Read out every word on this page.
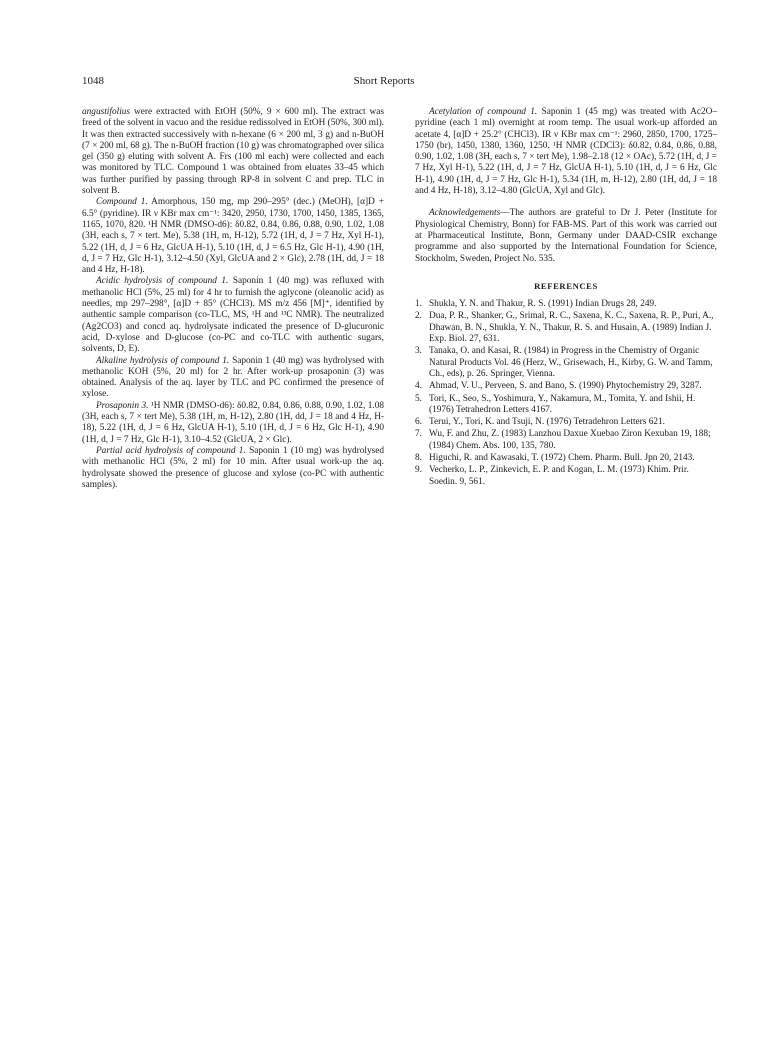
1048	Short Reports

angustifolius were extracted with EtOH (50%, 9 × 600 ml). The extract was freed of the solvent in vacuo and the residue redissolved in EtOH (50%, 300 ml). It was then extracted successively with n-hexane (6 × 200 ml, 3 g) and n-BuOH (7 × 200 ml, 68 g). The n-BuOH fraction (10 g) was chromatographed over silica gel (350 g) eluting with solvent A. Frs (100 ml each) were collected and each was monitored by TLC. Compound 1 was obtained from eluates 33–45 which was further purified by passing through RP-8 in solvent C and prep. TLC in solvent B.

Compound 1. Amorphous, 150 mg, mp 290–295° (dec.) (MeOH), [α]D + 6.5° (pyridine). IR ν KBr max cm⁻¹: 3420, 2950, 1730, 1700, 1450, 1385, 1365, 1165, 1070, 820. ¹H NMR (DMSO-d6): δ0.82, 0.84, 0.86, 0.88, 0.90, 1.02, 1.08 (3H, each s, 7 × tert. Me), 5.38 (1H, m, H-12), 5.72 (1H, d, J = 7 Hz, Xyl H-1), 5.22 (1H, d, J = 6 Hz, GlcUA H-1), 5.10 (1H, d, J = 6.5 Hz, Glc H-1), 4.90 (1H, d, J = 7 Hz, Glc H-1), 3.12–4.50 (Xyl, GlcUA and 2 × Glc), 2.78 (1H, dd, J = 18 and 4 Hz, H-18).

Acidic hydrolysis of compound 1. Saponin 1 (40 mg) was refluxed with methanolic HCl (5%, 25 ml) for 4 hr to furnish the aglycone (oleanolic acid) as needles, mp 297–298°, [α]D + 85° (CHCl3). MS m/z 456 [M]⁺, identified by authentic sample comparison (co-TLC, MS, ¹H and ¹³C NMR). The neutralized (Ag2CO3) and concd aq. hydrolysate indicated the presence of D-glucuronic acid, D-xylose and D-glucose (co-PC and co-TLC with authentic sugars, solvents, D, E).

Alkaline hydrolysis of compound 1. Saponin 1 (40 mg) was hydrolysed with methanolic KOH (5%, 20 ml) for 2 hr. After work-up prosaponin (3) was obtained. Analysis of the aq. layer by TLC and PC confirmed the presence of xylose.

Prosaponin 3. ¹H NMR (DMSO-d6): δ0.82, 0.84, 0.86, 0.88, 0.90, 1.02, 1.08 (3H, each s, 7 × tert Me), 5.38 (1H, m, H-12), 2.80 (1H, dd, J = 18 and 4 Hz, H-18), 5.22 (1H, d, J = 6 Hz, GlcUA H-1), 5.10 (1H, d, J = 6 Hz, Glc H-1), 4.90 (1H, d, J = 7 Hz, Glc H-1), 3.10–4.52 (GlcUA, 2 × Glc).

Partial acid hydrolysis of compound 1. Saponin 1 (10 mg) was hydrolysed with methanolic HCl (5%, 2 ml) for 10 min. After usual work-up the aq. hydrolysate showed the presence of glucose and xylose (co-PC with authentic samples).

Acetylation of compound 1. Saponin 1 (45 mg) was treated with Ac2O–pyridine (each 1 ml) overnight at room temp. The usual work-up afforded an acetate 4, [α]D + 25.2° (CHCl3). IR ν KBr max cm⁻¹: 2960, 2850, 1700, 1725–1750 (br), 1450, 1380, 1360, 1250. ¹H NMR (CDCl3): δ0.82, 0.84, 0.86, 0.88, 0.90, 1.02, 1.08 (3H, each s, 7 × tert Me), 1.98–2.18 (12 × OAc), 5.72 (1H, d, J = 7 Hz, Xyl H-1), 5.22 (1H, d, J = 7 Hz, GlcUA H-1), 5.10 (1H, d, J = 6 Hz, Glc H-1), 4.90 (1H, d, J = 7 Hz, Glc H-1), 5.34 (1H, m, H-12), 2.80 (1H, dd, J = 18 and 4 Hz, H-18), 3.12–4.80 (GlcUA, Xyl and Glc).

Acknowledgements—The authors are grateful to Dr J. Peter (Institute for Physiological Chemistry, Bonn) for FAB-MS. Part of this work was carried out at Pharmaceutical Institute, Bonn, Germany under DAAD-CSIR exchange programme and also supported by the International Foundation for Science, Stockholm, Sweden, Project No. 535.

REFERENCES
1. Shukla, Y. N. and Thakur, R. S. (1991) Indian Drugs 28, 249.
2. Dua, P. R., Shanker, G., Srimal, R. C., Saxena, K. C., Saxena, R. P., Puri, A., Dhawan, B. N., Shukla, Y. N., Thakur, R. S. and Husain, A. (1989) Indian J. Exp. Biol. 27, 631.
3. Tanaka, O. and Kasai, R. (1984) in Progress in the Chemistry of Organic Natural Products Vol. 46 (Herz, W., Grisewach, H., Kirby, G. W. and Tamm, Ch., eds), p. 26. Springer, Vienna.
4. Ahmad, V. U., Perveen, S. and Bano, S. (1990) Phytochemistry 29, 3287.
5. Tori, K., Seo, S., Yoshimura, Y., Nakamura, M., Tomita, Y. and Ishii, H. (1976) Tetrahedron Letters 4167.
6. Terui, Y., Tori, K. and Tsuji, N. (1976) Tetradehron Letters 621.
7. Wu, F. and Zhu, Z. (1983) Lanzhou Daxue Xuebao Ziron Kexuban 19, 188; (1984) Chem. Abs. 100, 135, 780.
8. Higuchi, R. and Kawasaki, T. (1972) Chem. Pharm. Bull. Jpn 20, 2143.
9. Vecherko, L. P., Zinkevich, E. P. and Kogan, L. M. (1973) Khim. Prir. Soedin. 9, 561.
